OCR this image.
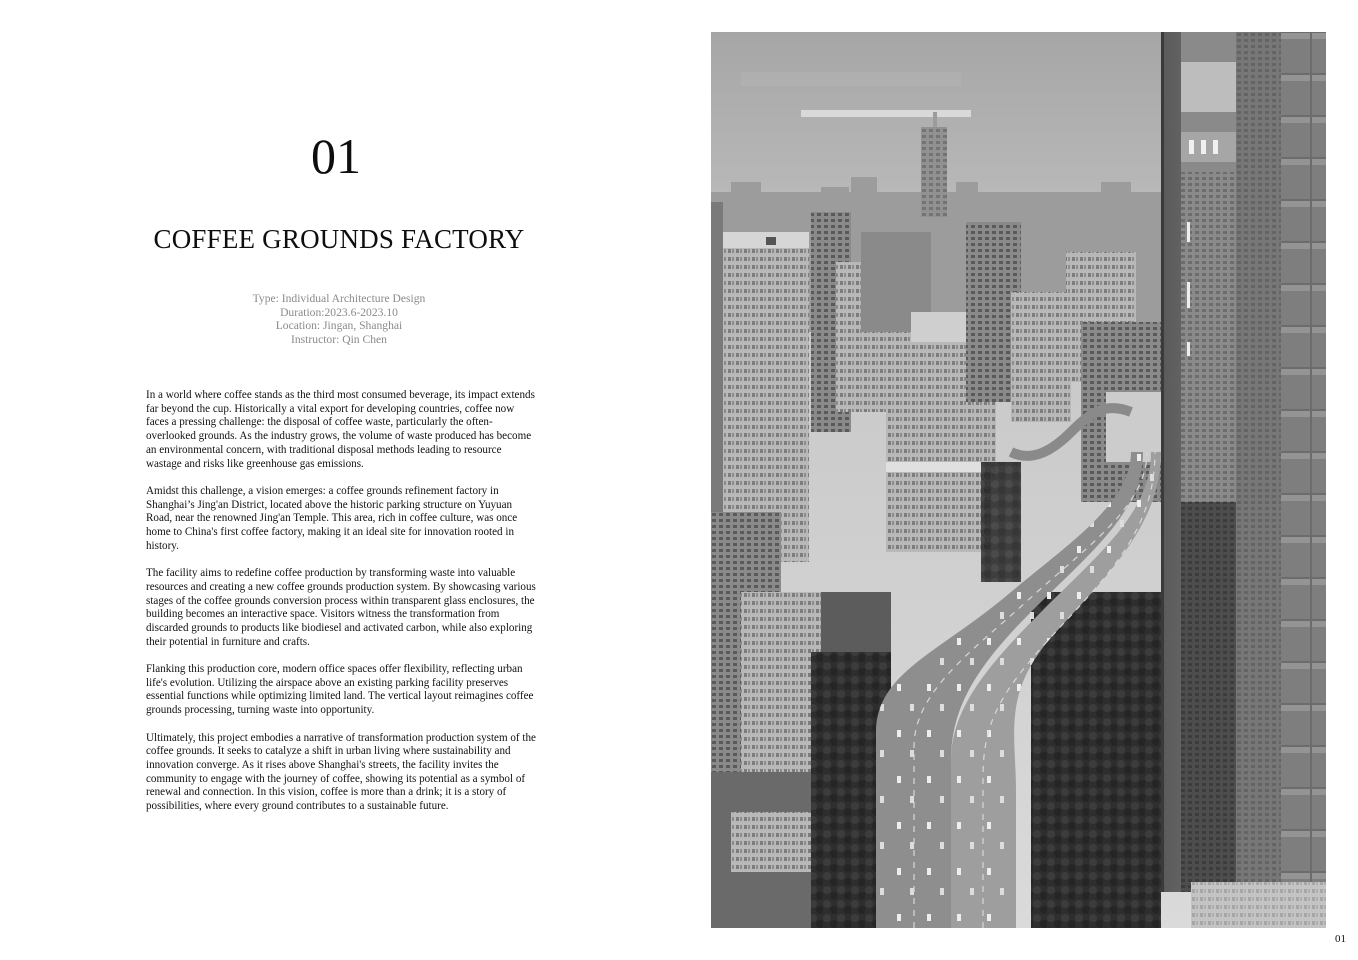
01
COFFEE GROUNDS FACTORY
Type: Individual Architecture Design
Duration:2023.6-2023.10
Location: Jingan, Shanghai
Instructor: Qin Chen

In a world where coffee stands as the third most consumed beverage, its impact extends far beyond the cup. Historically a vital export for developing countries, coffee now faces a pressing challenge: the disposal of coffee waste, particularly the often-overlooked grounds. As the industry grows, the volume of waste produced has become an environmental concern, with traditional disposal methods leading to resource wastage and risks like greenhouse gas emissions.

Amidst this challenge, a vision emerges: a coffee grounds refinement factory in Shanghai’s Jing'an District, located above the historic parking structure on Yuyuan Road, near the renowned Jing'an Temple. This area, rich in coffee culture, was once home to China's first coffee factory, making it an ideal site for innovation rooted in history.

The facility aims to redefine coffee production by transforming waste into valuable resources and creating a new coffee grounds production system. By showcasing various stages of the coffee grounds conversion process within transparent glass enclosures, the building becomes an interactive space. Visitors witness the transformation from discarded grounds to products like biodiesel and activated carbon, while also exploring their potential in furniture and crafts.

Flanking this production core, modern office spaces offer flexibility, reflecting urban life's evolution. Utilizing the airspace above an existing parking facility preserves essential functions while optimizing limited land. The vertical layout reimagines coffee grounds processing, turning waste into opportunity.

Ultimately, this project embodies a narrative of transformation production system of the coffee grounds. It seeks to catalyze a shift in urban living where sustainability and innovation converge. As it rises above Shanghai's streets, the facility invites the community to engage with the journey of coffee, showing its potential as a symbol of renewal and connection. In this vision, coffee is more than a drink; it is a story of possibilities, where every ground contributes to a sustainable future.

01
